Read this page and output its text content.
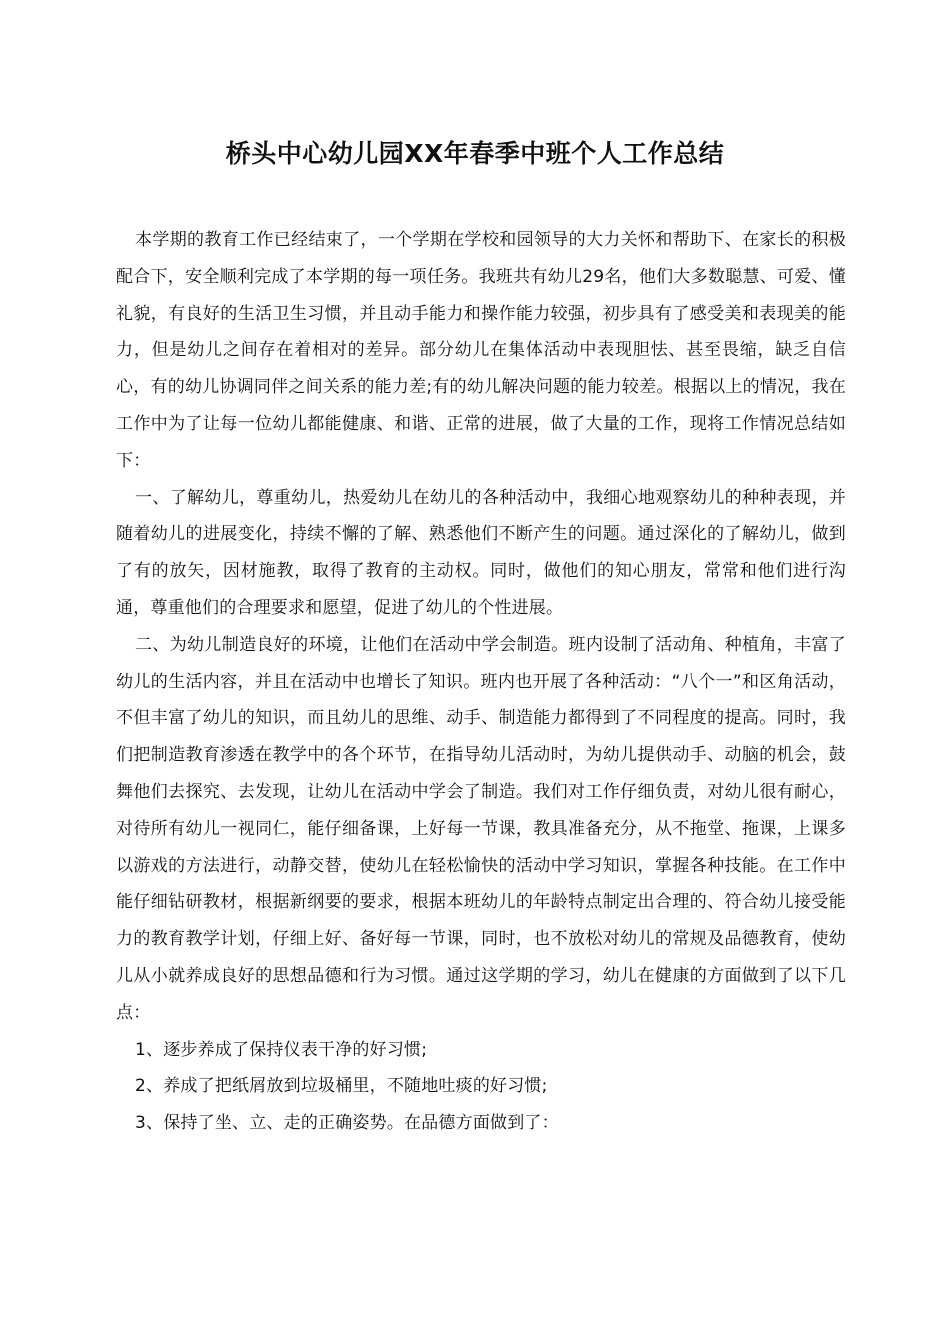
桥头中心幼儿园XX年春季中班个人工作总结

本学期的教育工作已经结束了，一个学期在学校和园领导的大力关怀和帮助下、在家长的积极配合下，安全顺利完成了本学期的每一项任务。我班共有幼儿29名，他们大多数聪慧、可爱、懂礼貌，有良好的生活卫生习惯，并且动手能力和操作能力较强，初步具有了感受美和表现美的能力，但是幼儿之间存在着相对的差异。部分幼儿在集体活动中表现胆怯、甚至畏缩，缺乏自信心，有的幼儿协调同伴之间关系的能力差;有的幼儿解决问题的能力较差。根据以上的情况，我在工作中为了让每一位幼儿都能健康、和谐、正常的进展，做了大量的工作，现将工作情况总结如下：

一、了解幼儿，尊重幼儿，热爱幼儿在幼儿的各种活动中，我细心地观察幼儿的种种表现，并随着幼儿的进展变化，持续不懈的了解、熟悉他们不断产生的问题。通过深化的了解幼儿，做到了有的放矢，因材施教，取得了教育的主动权。同时，做他们的知心朋友，常常和他们进行沟通，尊重他们的合理要求和愿望，促进了幼儿的个性进展。

二、为幼儿制造良好的环境，让他们在活动中学会制造。班内设制了活动角、种植角，丰富了幼儿的生活内容，并且在活动中也增长了知识。班内也开展了各种活动：“八个一”和区角活动，不但丰富了幼儿的知识，而且幼儿的思维、动手、制造能力都得到了不同程度的提高。同时，我们把制造教育渗透在教学中的各个环节，在指导幼儿活动时，为幼儿提供动手、动脑的机会，鼓舞他们去探究、去发现，让幼儿在活动中学会了制造。我们对工作仔细负责，对幼儿很有耐心，对待所有幼儿一视同仁，能仔细备课，上好每一节课，教具准备充分，从不拖堂、拖课，上课多以游戏的方法进行，动静交替，使幼儿在轻松愉快的活动中学习知识，掌握各种技能。在工作中能仔细钻研教材，根据新纲要的要求，根据本班幼儿的年龄特点制定出合理的、符合幼儿接受能力的教育教学计划，仔细上好、备好每一节课，同时，也不放松对幼儿的常规及品德教育，使幼儿从小就养成良好的思想品德和行为习惯。通过这学期的学习，幼儿在健康的方面做到了以下几点：

1、逐步养成了保持仪表干净的好习惯;

2、养成了把纸屑放到垃圾桶里，不随地吐痰的好习惯;

3、保持了坐、立、走的正确姿势。在品德方面做到了：
